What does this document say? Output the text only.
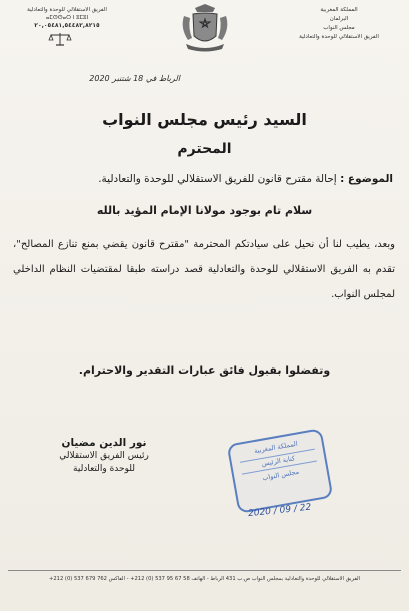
الفريق الاستقلالي للوحدة والتعادلية
ⴰⵎⵙⵙⴰⵔ ⵏ ⵓⵎⵓⵏ
٢٠,٠٥٤٨١,٥٤٤٨٢,٨٢١٥
المملكة المغربية
البرلمان
مجلس النواب
الفريق الاستقلالي للوحدة والتعادلية
الرباط في 18 شتنبر 2020
السيد رئيس مجلس النواب
المحترم
الموضوع : إحالة مقترح قانون للفريق الاستقلالي للوحدة والتعادلية.
سلام تام بوجود مولانا الإمام المؤيد بالله
وبعد، يطيب لنا أن نحيل على سيادتكم المحترمة "مقترح قانون يقضي بمنع تنازع المصالح"، تقدم به الفريق الاستقلالي للوحدة والتعادلية قصد دراسته طبقا لمقتضيات النظام الداخلي لمجلس النواب.
وتفضلوا بقبول فائق عبارات التقدير والاحترام.
نور الدين مضيان
رئيس الفريق الاستقلالي
للوحدة والتعادلية
المملكة المغربية
كتابة الرئيس
مجلس النواب
2020 / 09 / 22
الفريق الاستقلالي للوحدة والتعادلية بمجلس النواب ص.ب 431 الرباط - الهاتف 58 67 95 537 (0) 212+ - الفاكس 762 679 537 (0) 212+
